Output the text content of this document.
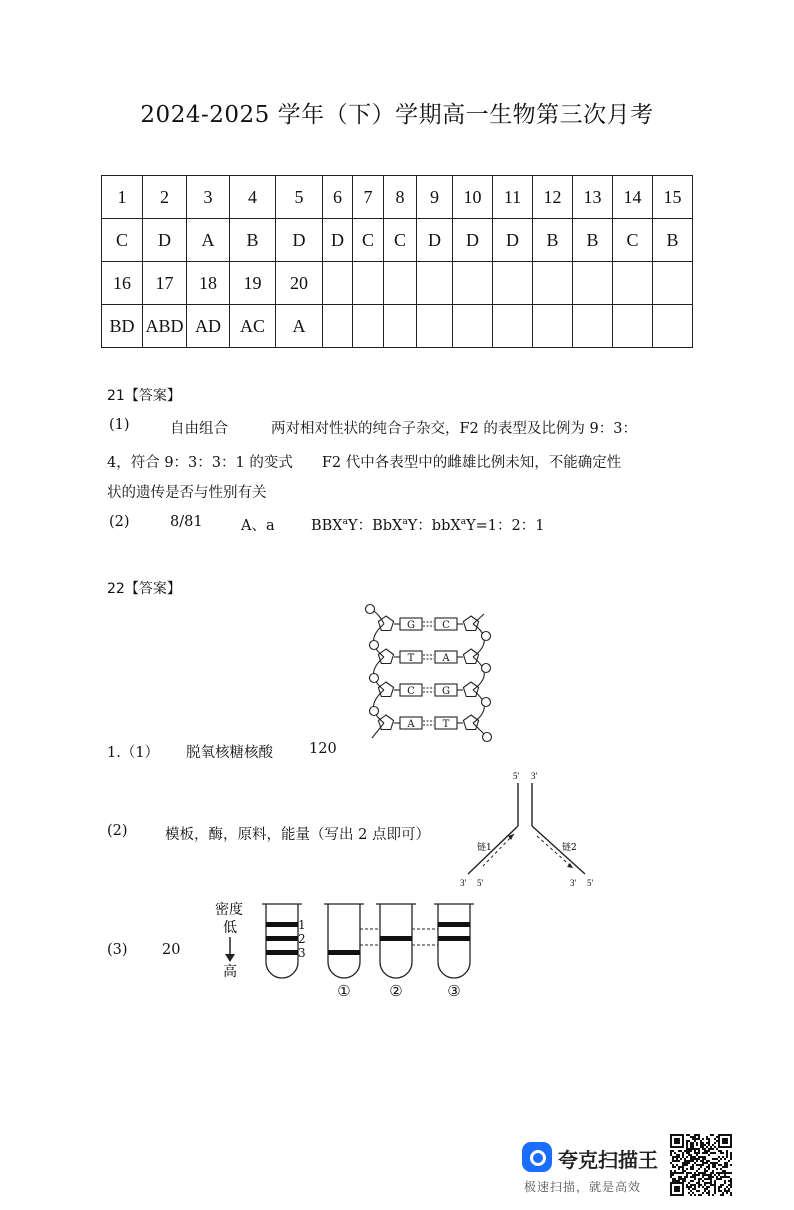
2024-2025 学年（下）学期高一生物第三次月考
1	2	3	4	5	6	7	8	9	10	11	12	13	14	15
C	D	A	B	D	D	C	C	D	D	D	B	B	C	B
16	17	18	19	20										
BD	ABD	AD	AC	A										
21【答案】
(1)	自由组合	两对相对性状的纯合子杂交，F2 的表型及比例为 9：3：
4，符合 9：3：3：1 的变式　　F2 代中各表型中的雌雄比例未知，不能确定性
状的遗传是否与性别有关
(2)	8/81	A、a	BBX$^a$Y：BbX$^a$Y：bbX$^a$Y=1：2：1
22【答案】
G	C
T	A
C	G
A	T
1.（1） 脱氧核糖核酸 120
5' 3'
链1	链2
3' 5'	3' 5'
(2)	模板，酶，原料，能量（写出 2 点即可）
密度
低
高
1
2
3
①	②	③
(3) 20
夸克扫描王
极速扫描，就是高效
